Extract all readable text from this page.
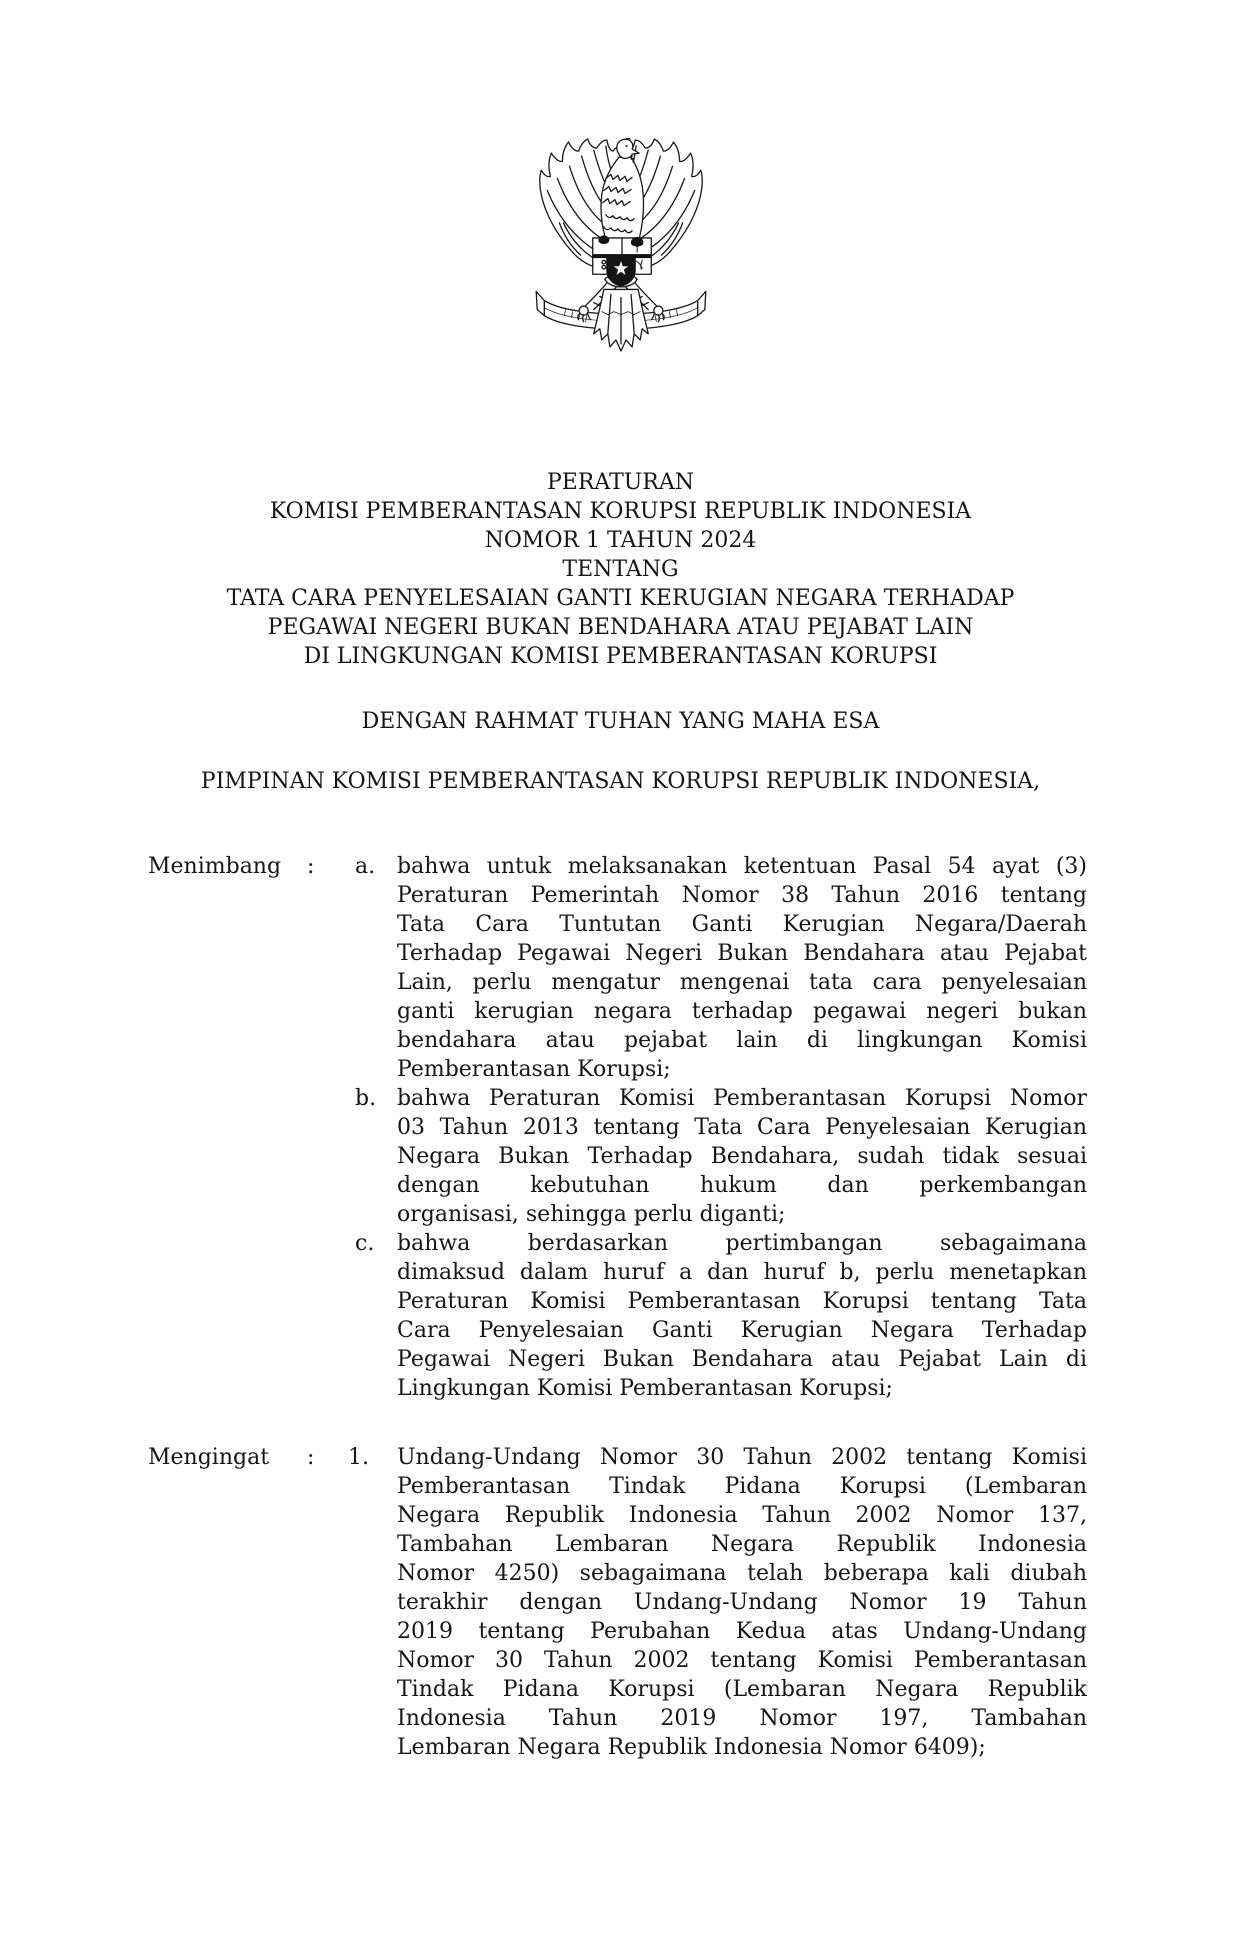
PERATURAN
KOMISI PEMBERANTASAN KORUPSI REPUBLIK INDONESIA
NOMOR 1 TAHUN 2024
TENTANG
TATA CARA PENYELESAIAN GANTI KERUGIAN NEGARA TERHADAP
PEGAWAI NEGERI BUKAN BENDAHARA ATAU PEJABAT LAIN
DI LINGKUNGAN KOMISI PEMBERANTASAN KORUPSI
DENGAN RAHMAT TUHAN YANG MAHA ESA
PIMPINAN KOMISI PEMBERANTASAN KORUPSI REPUBLIK INDONESIA,
Menimbang : a. bahwa untuk melaksanakan ketentuan Pasal 54 ayat (3)
Peraturan Pemerintah Nomor 38 Tahun 2016 tentang
Tata Cara Tuntutan Ganti Kerugian Negara/Daerah
Terhadap Pegawai Negeri Bukan Bendahara atau Pejabat
Lain, perlu mengatur mengenai tata cara penyelesaian
ganti kerugian negara terhadap pegawai negeri bukan
bendahara atau pejabat lain di lingkungan Komisi
Pemberantasan Korupsi;
b. bahwa Peraturan Komisi Pemberantasan Korupsi Nomor
03 Tahun 2013 tentang Tata Cara Penyelesaian Kerugian
Negara Bukan Terhadap Bendahara, sudah tidak sesuai
dengan kebutuhan hukum dan perkembangan
organisasi, sehingga perlu diganti;
c.	bahwa berdasarkan pertimbangan sebagaimana
dimaksud dalam huruf a dan huruf b, perlu menetapkan
Peraturan Komisi Pemberantasan Korupsi tentang Tata
Cara Penyelesaian Ganti Kerugian Negara Terhadap
Pegawai Negeri Bukan Bendahara atau Pejabat Lain di
Lingkungan Komisi Pemberantasan Korupsi;
Mengingat : 1.	Undang-Undang Nomor 30 Tahun 2002 tentang Komisi
Pemberantasan Tindak Pidana Korupsi (Lembaran
Negara Republik Indonesia Tahun 2002 Nomor 137,
Tambahan Lembaran Negara Republik Indonesia
Nomor 4250) sebagaimana telah beberapa kali diubah
terakhir dengan Undang-Undang Nomor 19 Tahun
2019 tentang Perubahan Kedua atas Undang-Undang
Nomor 30 Tahun 2002 tentang Komisi Pemberantasan
Tindak Pidana Korupsi (Lembaran Negara Republik
Indonesia Tahun 2019 Nomor 197, Tambahan
Lembaran Negara Republik Indonesia Nomor 6409);
